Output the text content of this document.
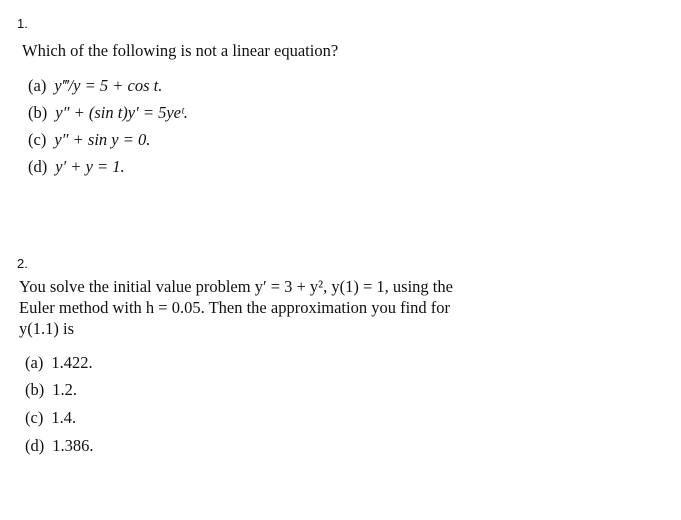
1.
Which of the following is not a linear equation?
(a) y‴/y = 5 + cos t.
(b) y″ + (sin t)y′ = 5yeᵗ.
(c) y″ + sin y = 0.
(d) y′ + y = 1.
2.
You solve the initial value problem y′ = 3 + y², y(1) = 1, using the
Euler method with h = 0.05. Then the approximation you find for
y(1.1) is
(a) 1.422.
(b) 1.2.
(c) 1.4.
(d) 1.386.
